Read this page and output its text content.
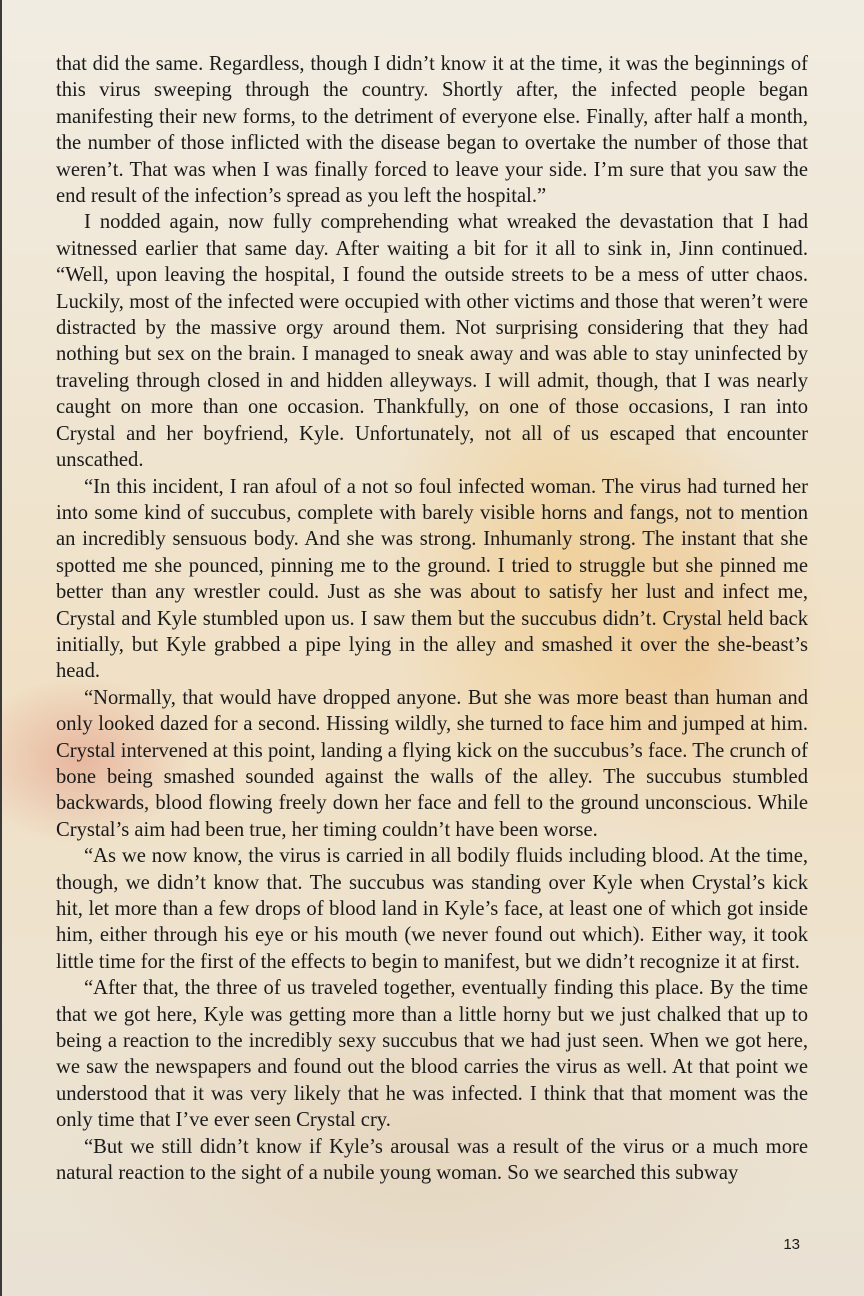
that did the same. Regardless, though I didn’t know it at the time, it was the beginnings of this virus sweeping through the country. Shortly after, the infected people began manifesting their new forms, to the detriment of everyone else. Finally, after half a month, the number of those inflicted with the disease began to overtake the number of those that weren’t. That was when I was finally forced to leave your side. I’m sure that you saw the end result of the infection’s spread as you left the hospital.”

I nodded again, now fully comprehending what wreaked the devastation that I had witnessed earlier that same day. After waiting a bit for it all to sink in, Jinn continued. “Well, upon leaving the hospital, I found the outside streets to be a mess of utter chaos. Luckily, most of the infected were occupied with other victims and those that weren’t were distracted by the massive orgy around them. Not surprising considering that they had nothing but sex on the brain. I managed to sneak away and was able to stay uninfected by traveling through closed in and hidden alleyways. I will admit, though, that I was nearly caught on more than one occasion. Thankfully, on one of those occasions, I ran into Crystal and her boyfriend, Kyle. Unfortunately, not all of us escaped that encounter unscathed.

“In this incident, I ran afoul of a not so foul infected woman. The virus had turned her into some kind of succubus, complete with barely visible horns and fangs, not to mention an incredibly sensuous body. And she was strong. Inhumanly strong. The instant that she spotted me she pounced, pinning me to the ground. I tried to struggle but she pinned me better than any wrestler could. Just as she was about to satisfy her lust and infect me, Crystal and Kyle stumbled upon us. I saw them but the succubus didn’t. Crystal held back initially, but Kyle grabbed a pipe lying in the alley and smashed it over the she-beast’s head.

“Normally, that would have dropped anyone. But she was more beast than human and only looked dazed for a second. Hissing wildly, she turned to face him and jumped at him. Crystal intervened at this point, landing a flying kick on the succubus’s face. The crunch of bone being smashed sounded against the walls of the alley. The succubus stumbled backwards, blood flowing freely down her face and fell to the ground unconscious. While Crystal’s aim had been true, her timing couldn’t have been worse.

“As we now know, the virus is carried in all bodily fluids including blood. At the time, though, we didn’t know that. The succubus was standing over Kyle when Crystal’s kick hit, let more than a few drops of blood land in Kyle’s face, at least one of which got inside him, either through his eye or his mouth (we never found out which). Either way, it took little time for the first of the effects to begin to manifest, but we didn’t recognize it at first.

“After that, the three of us traveled together, eventually finding this place. By the time that we got here, Kyle was getting more than a little horny but we just chalked that up to being a reaction to the incredibly sexy succubus that we had just seen. When we got here, we saw the newspapers and found out the blood carries the virus as well. At that point we understood that it was very likely that he was infected. I think that that moment was the only time that I’ve ever seen Crystal cry.

“But we still didn’t know if Kyle’s arousal was a result of the virus or a much more natural reaction to the sight of a nubile young woman. So we searched this subway

13
